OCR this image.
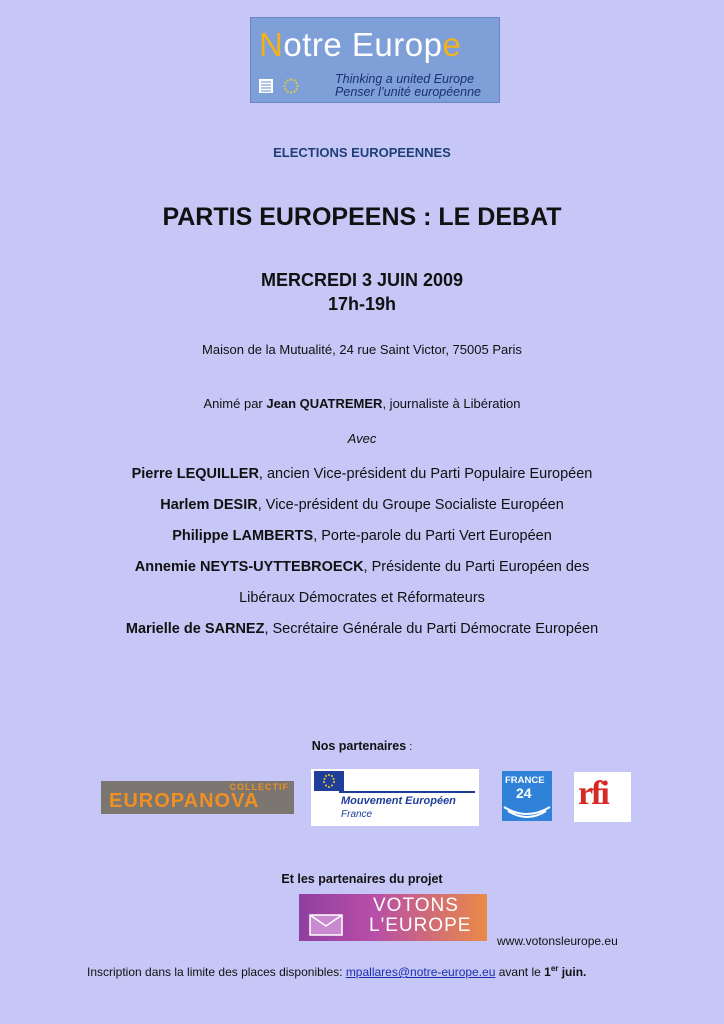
Notre Europe
Thinking a united Europe
Penser l’unité européenne
ELECTIONS EUROPEENNES
PARTIS EUROPEENS : LE DEBAT
MERCREDI 3 JUIN 2009
17h-19h
Maison de la Mutualité, 24 rue Saint Victor, 75005 Paris
Animé par Jean QUATREMER, journaliste à Libération
Avec
Pierre LEQUILLER, ancien Vice-président du Parti Populaire Européen
Harlem DESIR, Vice-président du Groupe Socialiste Européen
Philippe LAMBERTS, Porte-parole du Parti Vert Européen
Annemie NEYTS-UYTTEBROECK, Présidente du Parti Européen des
Libéraux Démocrates et Réformateurs
Marielle de SARNEZ, Secrétaire Générale du Parti Démocrate Européen
Nos partenaires :
COLLECTIF
EUROPANOVA	Mouvement Européen
France
FRANCE
24 rfi
Et les partenaires du projet
VOTONS
L'EUROPE
www.votonsleurope.eu
Inscription dans la limite des places disponibles: mpallares@notre-europe.eu avant le 1er juin.
